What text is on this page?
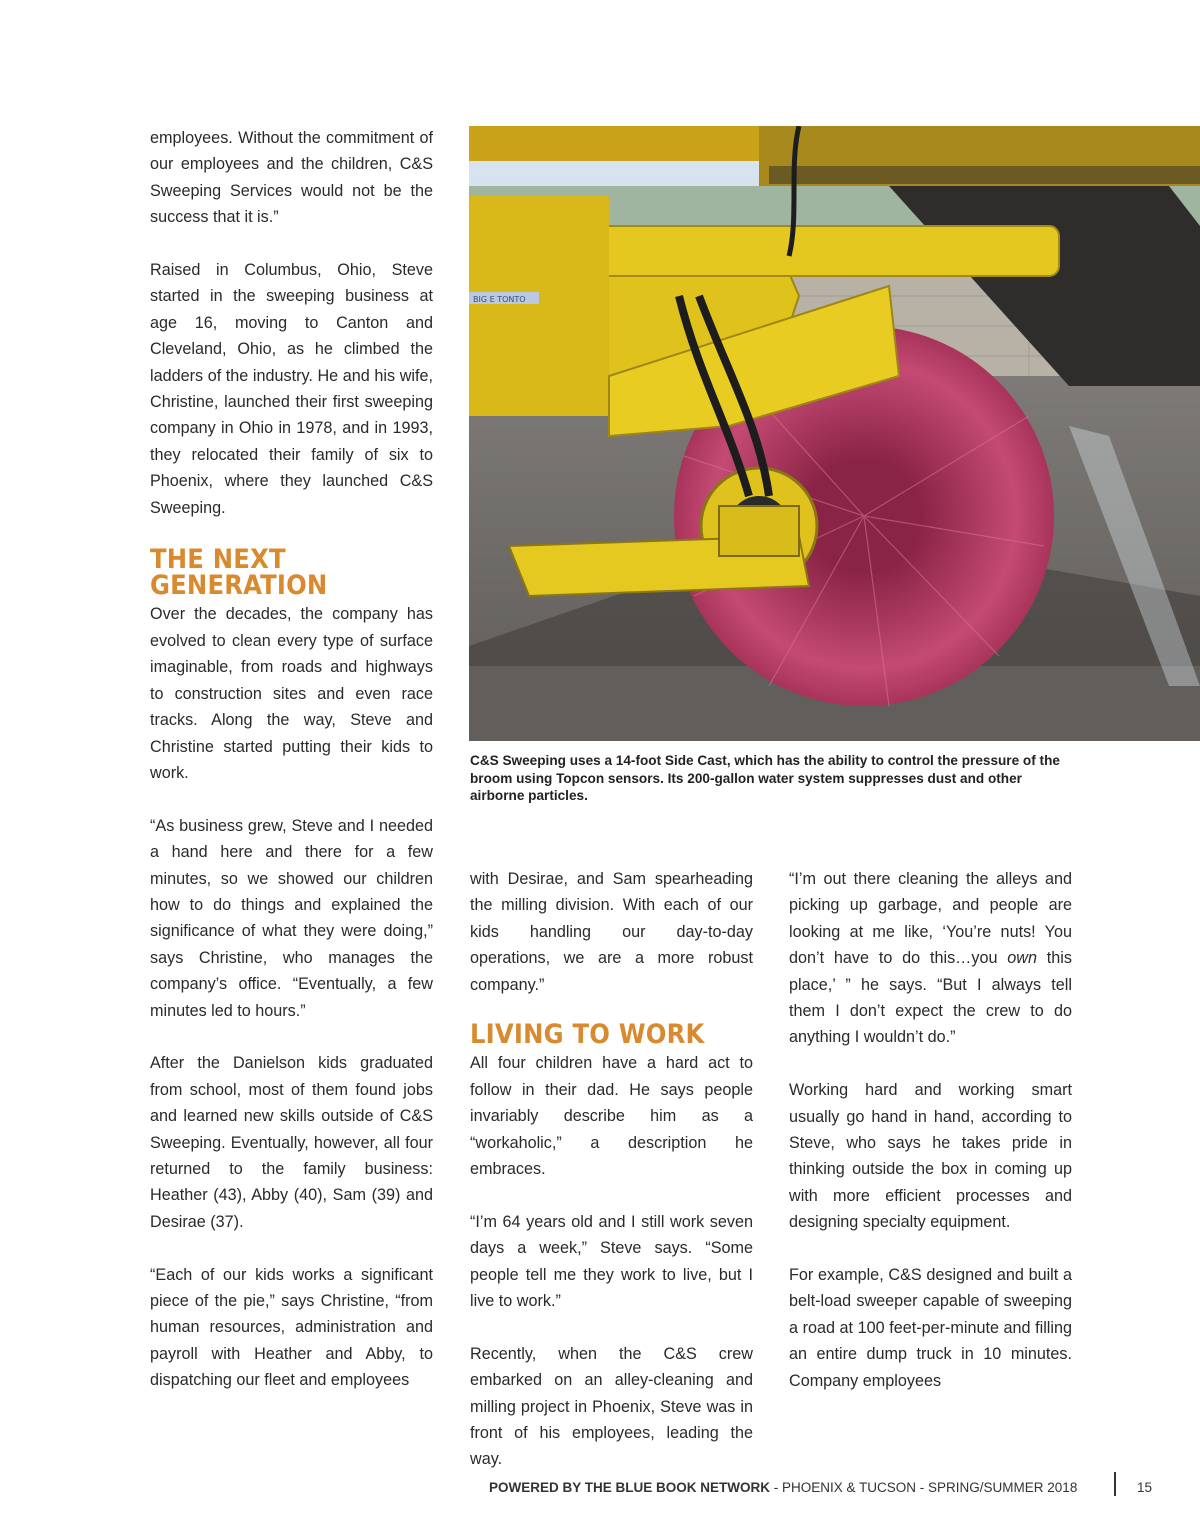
employees. Without the commitment of our employees and the children, C&S Sweeping Services would not be the success that it is.”

Raised in Columbus, Ohio, Steve started in the sweeping business at age 16, moving to Canton and Cleveland, Ohio, as he climbed the ladders of the industry. He and his wife, Christine, launched their first sweeping company in Ohio in 1978, and in 1993, they relocated their family of six to Phoenix, where they launched C&S Sweeping.

THE NEXT GENERATION

Over the decades, the company has evolved to clean every type of surface imaginable, from roads and highways to construction sites and even race tracks. Along the way, Steve and Christine started putting their kids to work.

“As business grew, Steve and I needed a hand here and there for a few minutes, so we showed our children how to do things and explained the significance of what they were doing,” says Christine, who manages the company’s office. “Eventually, a few minutes led to hours.”

After the Danielson kids graduated from school, most of them found jobs and learned new skills outside of C&S Sweeping. Eventually, however, all four returned to the family business: Heather (43), Abby (40), Sam (39) and Desirae (37).

“Each of our kids works a significant piece of the pie,” says Christine, “from human resources, administration and payroll with Heather and Abby, to dispatching our fleet and employees

BIG E TONTO
C&S Sweeping uses a 14-foot Side Cast, which has the ability to control the pressure of the broom using Topcon sensors. Its 200-gallon water system suppresses dust and other airborne particles.

with Desirae, and Sam spearheading the milling division. With each of our kids handling our day-to-day operations, we are a more robust company.”

LIVING TO WORK

All four children have a hard act to follow in their dad. He says people invariably describe him as a “workaholic,” a description he embraces.

“I’m 64 years old and I still work seven days a week,” Steve says. “Some people tell me they work to live, but I live to work.”

Recently, when the C&S crew embarked on an alley-cleaning and milling project in Phoenix, Steve was in front of his employees, leading the way.

“I’m out there cleaning the alleys and picking up garbage, and people are looking at me like, ‘You’re nuts! You don’t have to do this…you own this place,’ ” he says. “But I always tell them I don’t expect the crew to do anything I wouldn’t do.”

Working hard and working smart usually go hand in hand, according to Steve, who says he takes pride in thinking outside the box in coming up with more efficient processes and designing specialty equipment.

For example, C&S designed and built a belt-load sweeper capable of sweeping a road at 100 feet-per-minute and filling an entire dump truck in 10 minutes. Company employees

POWERED BY THE BLUE BOOK NETWORK - PHOENIX & TUCSON - SPRING/SUMMER 2018	15
